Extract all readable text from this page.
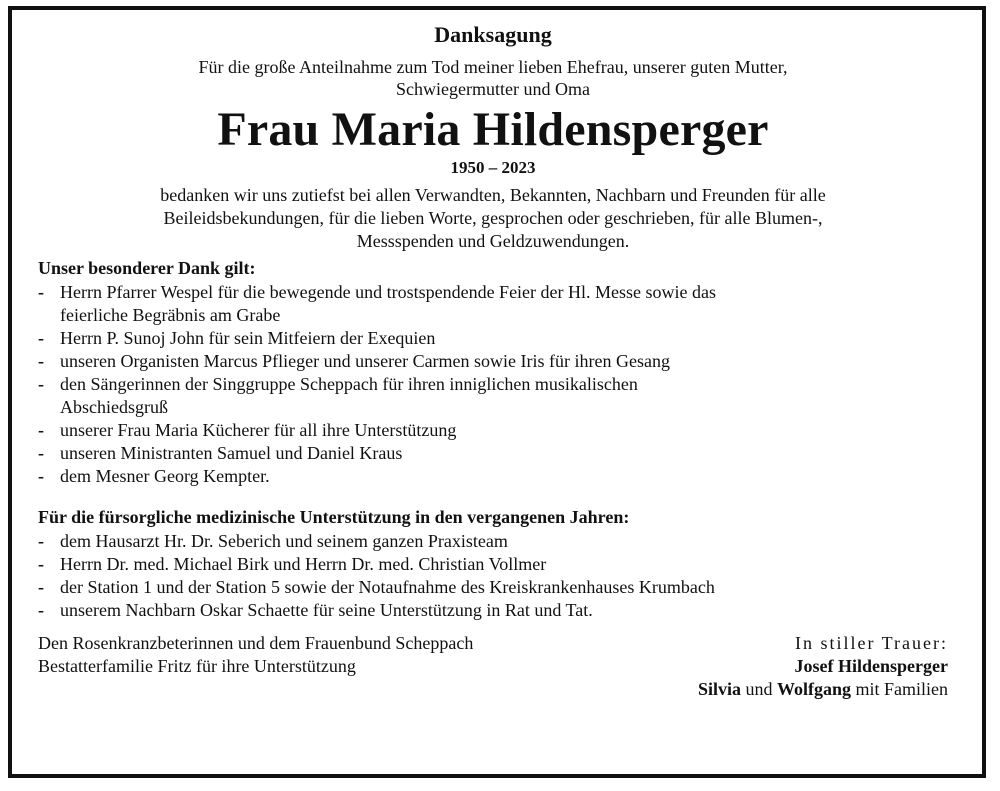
Danksagung

Für die große Anteilnahme zum Tod meiner lieben Ehefrau, unserer guten Mutter,
Schwiegermutter und Oma

Frau Maria Hildensperger

1950 – 2023

bedanken wir uns zutiefst bei allen Verwandten, Bekannten, Nachbarn und Freunden für alle
Beileidsbekundungen, für die lieben Worte, gesprochen oder geschrieben, für alle Blumen-,
Messspenden und Geldzuwendungen.

Unser besonderer Dank gilt:

- Herrn Pfarrer Wespel für die bewegende und trostspendende Feier der Hl. Messe sowie das
feierliche Begräbnis am Grabe
- Herrn P. Sunoj John für sein Mitfeiern der Exequien
- unseren Organisten Marcus Pflieger und unserer Carmen sowie Iris für ihren Gesang
- den Sängerinnen der Singgruppe Scheppach für ihren inniglichen musikalischen
Abschiedsgruß
- unserer Frau Maria Kücherer für all ihre Unterstützung
- unseren Ministranten Samuel und Daniel Kraus
- dem Mesner Georg Kempter.

Für die fürsorgliche medizinische Unterstützung in den vergangenen Jahren:

- dem Hausarzt Hr. Dr. Seberich und seinem ganzen Praxisteam
- Herrn Dr. med. Michael Birk und Herrn Dr. med. Christian Vollmer
- der Station 1 und der Station 5 sowie der Notaufnahme des Kreiskrankenhauses Krumbach
- unserem Nachbarn Oskar Schaette für seine Unterstützung in Rat und Tat.
Den Rosenkranzbeterinnen und dem Frauenbund Scheppach
Bestatterfamilie Fritz für ihre Unterstützung
In stiller Trauer:
Josef Hildensperger
Silvia und Wolfgang mit Familien
